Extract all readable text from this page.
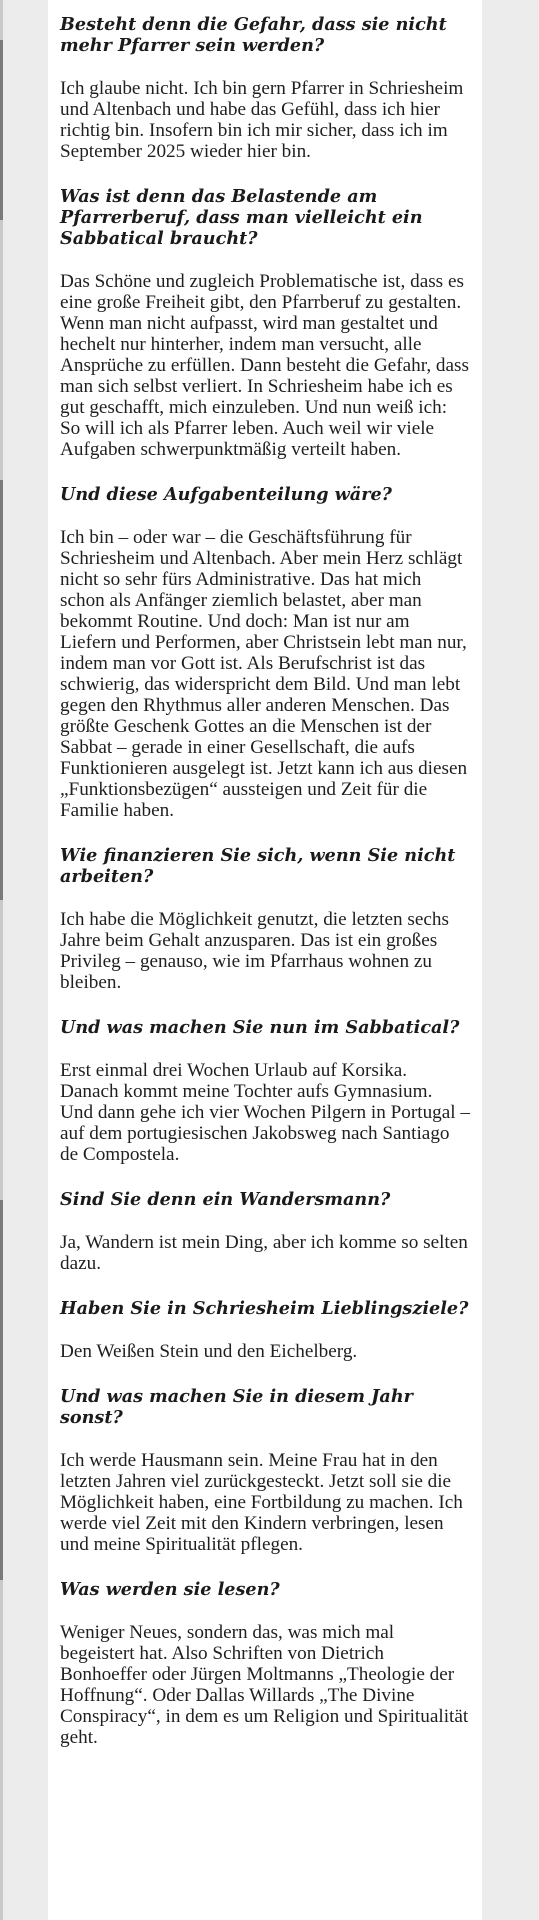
Besteht denn die Gefahr, dass sie nicht mehr Pfarrer sein werden?

Ich glaube nicht. Ich bin gern Pfarrer in Schriesheim und Altenbach und habe das Gefühl, dass ich hier richtig bin. Insofern bin ich mir sicher, dass ich im September 2025 wieder hier bin.

Was ist denn das Belastende am Pfarrerberuf, dass man vielleicht ein Sabbatical braucht?

Das Schöne und zugleich Problematische ist, dass es eine große Freiheit gibt, den Pfarrberuf zu gestalten. Wenn man nicht aufpasst, wird man gestaltet und hechelt nur hinterher, indem man versucht, alle Ansprüche zu erfüllen. Dann besteht die Gefahr, dass man sich selbst verliert. In Schriesheim habe ich es gut geschafft, mich einzuleben. Und nun weiß ich: So will ich als Pfarrer leben. Auch weil wir viele Aufgaben schwerpunktmäßig verteilt haben.

Und diese Aufgabenteilung wäre?

Ich bin – oder war – die Geschäftsführung für Schriesheim und Altenbach. Aber mein Herz schlägt nicht so sehr fürs Administrative. Das hat mich schon als Anfänger ziemlich belastet, aber man bekommt Routine. Und doch: Man ist nur am Liefern und Performen, aber Christsein lebt man nur, indem man vor Gott ist. Als Berufschrist ist das schwierig, das widerspricht dem Bild. Und man lebt gegen den Rhythmus aller anderen Menschen. Das größte Geschenk Gottes an die Menschen ist der Sabbat – gerade in einer Gesellschaft, die aufs Funktionieren ausgelegt ist. Jetzt kann ich aus diesen „Funktionsbezügen“ aussteigen und Zeit für die Familie haben.

Wie finanzieren Sie sich, wenn Sie nicht arbeiten?

Ich habe die Möglichkeit genutzt, die letzten sechs Jahre beim Gehalt anzusparen. Das ist ein großes Privileg – genauso, wie im Pfarrhaus wohnen zu bleiben.

Und was machen Sie nun im Sabbatical?

Erst einmal drei Wochen Urlaub auf Korsika. Danach kommt meine Tochter aufs Gymnasium. Und dann gehe ich vier Wochen Pilgern in Portugal – auf dem portugiesischen Jakobsweg nach Santiago de Compostela.

Sind Sie denn ein Wandersmann?

Ja, Wandern ist mein Ding, aber ich komme so selten dazu.

Haben Sie in Schriesheim Lieblingsziele?

Den Weißen Stein und den Eichelberg.

Und was machen Sie in diesem Jahr sonst?

Ich werde Hausmann sein. Meine Frau hat in den letzten Jahren viel zurückgesteckt. Jetzt soll sie die Möglichkeit haben, eine Fortbildung zu machen. Ich werde viel Zeit mit den Kindern verbringen, lesen und meine Spiritualität pflegen.

Was werden sie lesen?

Weniger Neues, sondern das, was mich mal begeistert hat. Also Schriften von Dietrich Bonhoeffer oder Jürgen Moltmanns „Theologie der Hoffnung“. Oder Dallas Willards „The Divine Conspiracy“, in dem es um Religion und Spiritualität geht.
